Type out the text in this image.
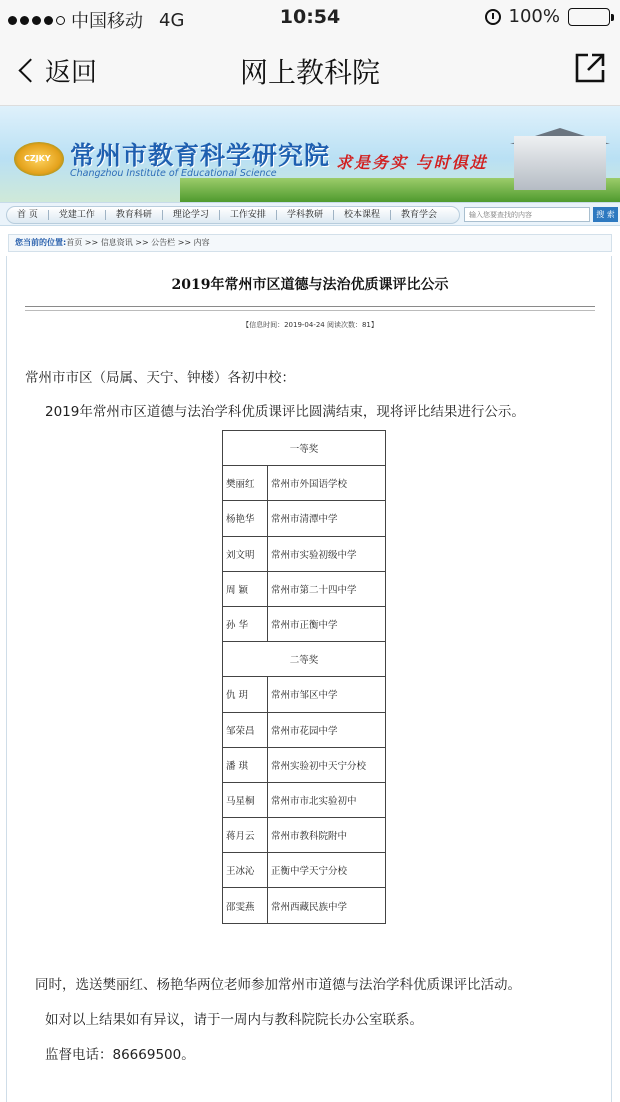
中国移动 4G	10:54	100%
返回	网上教科院
CZJKY 常州市教育科学研究院
Changzhou Institute of Educational Science
求是务实 与时俱进
首 页	党建工作	教育科研	理论学习	工作安排	学科教研	校本课程	教育学会
输入您要查找的内容	搜 索
您当前的位置:首页 >> 信息资讯 >> 公告栏 >> 内容
2019年常州市区道德与法治优质课评比公示
【信息时间：2019-04-24 阅读次数：81】
常州市市区（局属、天宁、钟楼）各初中校：
2019年常州市区道德与法治学科优质课评比圆满结束，现将评比结果进行公示。
一等奖	
樊丽红	常州市外国语学校
杨艳华	常州市清潭中学
刘文明	常州市实验初级中学
周 颖	常州市第二十四中学
孙 华	常州市正衡中学
二等奖	
仇 玥	常州市邹区中学
邹荣昌	常州市花园中学
潘 琪	常州实验初中天宁分校
马星桐	常州市市北实验初中
蒋月云	常州市教科院附中
王冰沁	正衡中学天宁分校
邵雯燕	常州西藏民族中学
同时，选送樊丽红、杨艳华两位老师参加常州市道德与法治学科优质课评比活动。
如对以上结果如有异议，请于一周内与教科院院长办公室联系。
监督电话：86669500。
